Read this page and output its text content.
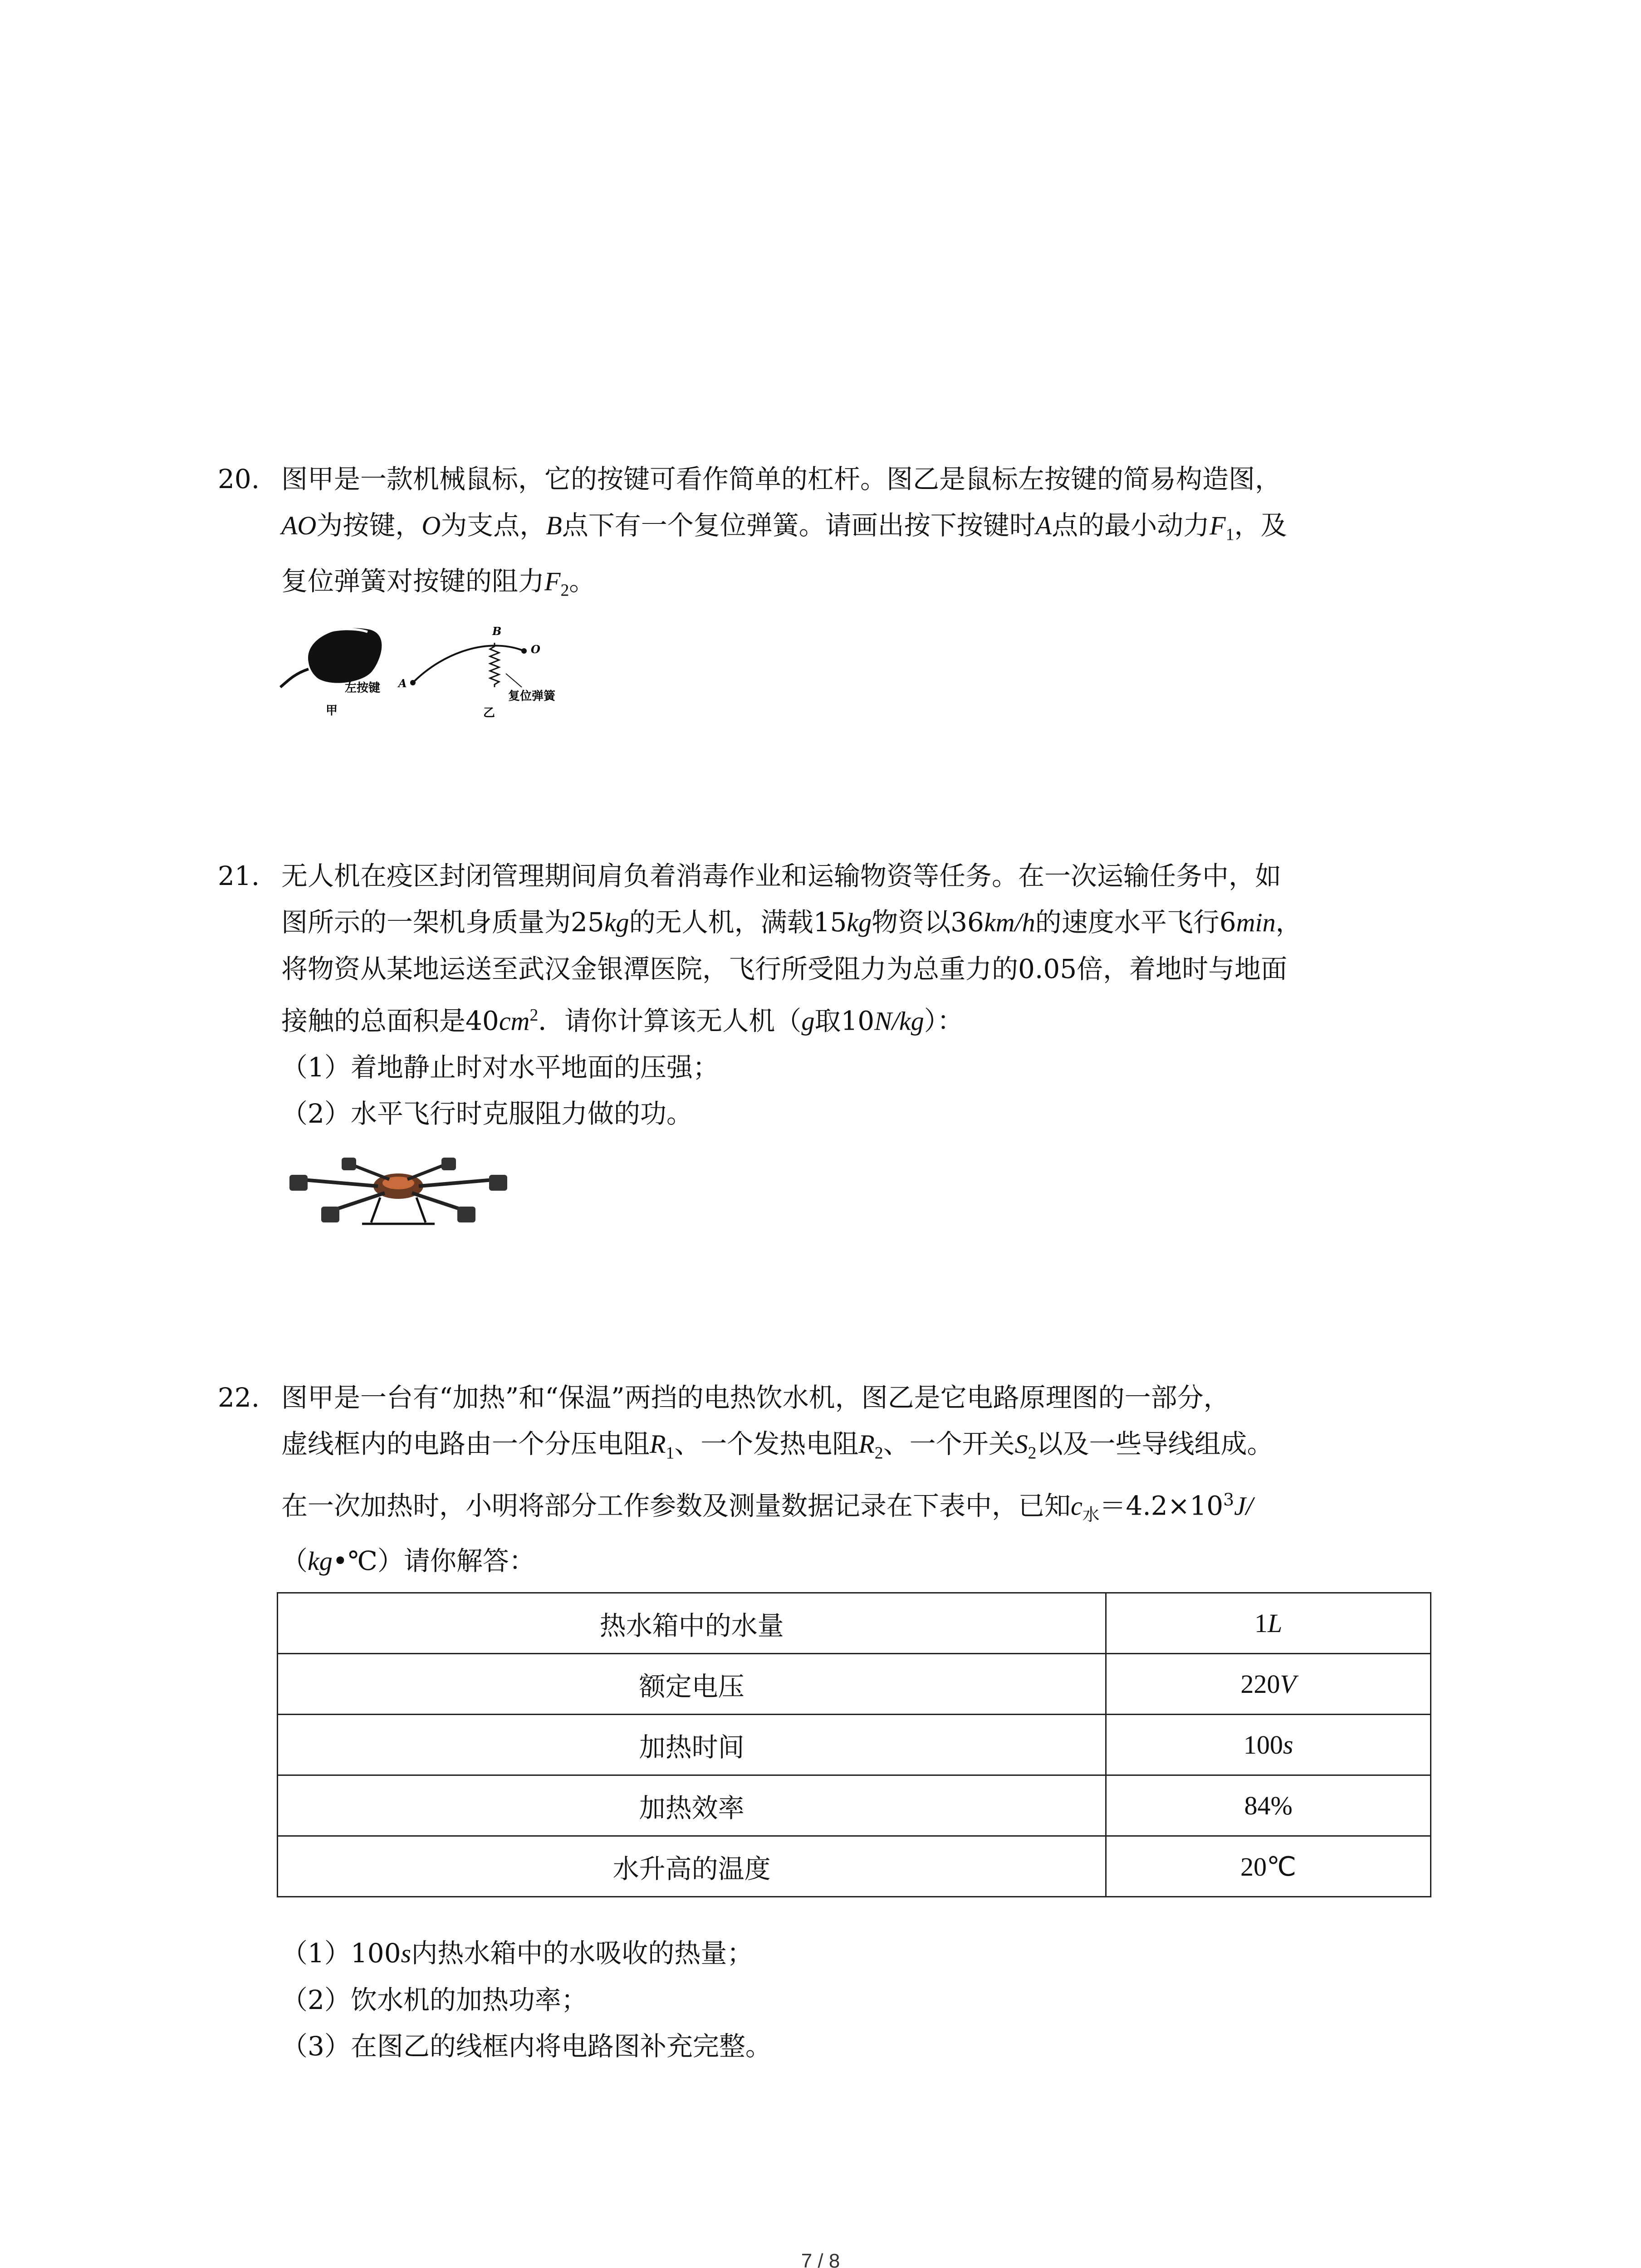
20. 图甲是一款机械鼠标，它的按键可看作简单的杠杆。图乙是鼠标左按键的简易构造图，
AO为按键，O为支点，B点下有一个复位弹簧。请画出按下按键时A点的最小动力$F_1$，及
复位弹簧对按键的阻力$F_2$。
左按键
甲
A
B
O
复位弹簧
乙
21. 无人机在疫区封闭管理期间肩负着消毒作业和运输物资等任务。在一次运输任务中，如
图所示的一架机身质量为25kg的无人机，满载15kg物资以36km/h的速度水平飞行6min，
将物资从某地运送至武汉金银潭医院，飞行所受阻力为总重力的0.05倍，着地时与地面
接触的总面积是$40cm^2$．请你计算该无人机（g取10N/kg）：
（1）着地静止时对水平地面的压强；
（2）水平飞行时克服阻力做的功。
22. 图甲是一台有“加热”和“保温”两挡的电热饮水机，图乙是它电路原理图的一部分，
虚线框内的电路由一个分压电阻$R_1$、一个发热电阻$R_2$、一个开关$S_2$以及一些导线组成。
在一次加热时，小明将部分工作参数及测量数据记录在下表中，已知$c_水=4.2\times 10^3J/$
（kg•℃）请你解答：
热水箱中的水量	1L
额定电压	220V
加热时间	100s
加热效率	84%
水升高的温度	20℃
（1）100s内热水箱中的水吸收的热量；
（2）饮水机的加热功率；
（3）在图乙的线框内将电路图补充完整。
7 / 8
